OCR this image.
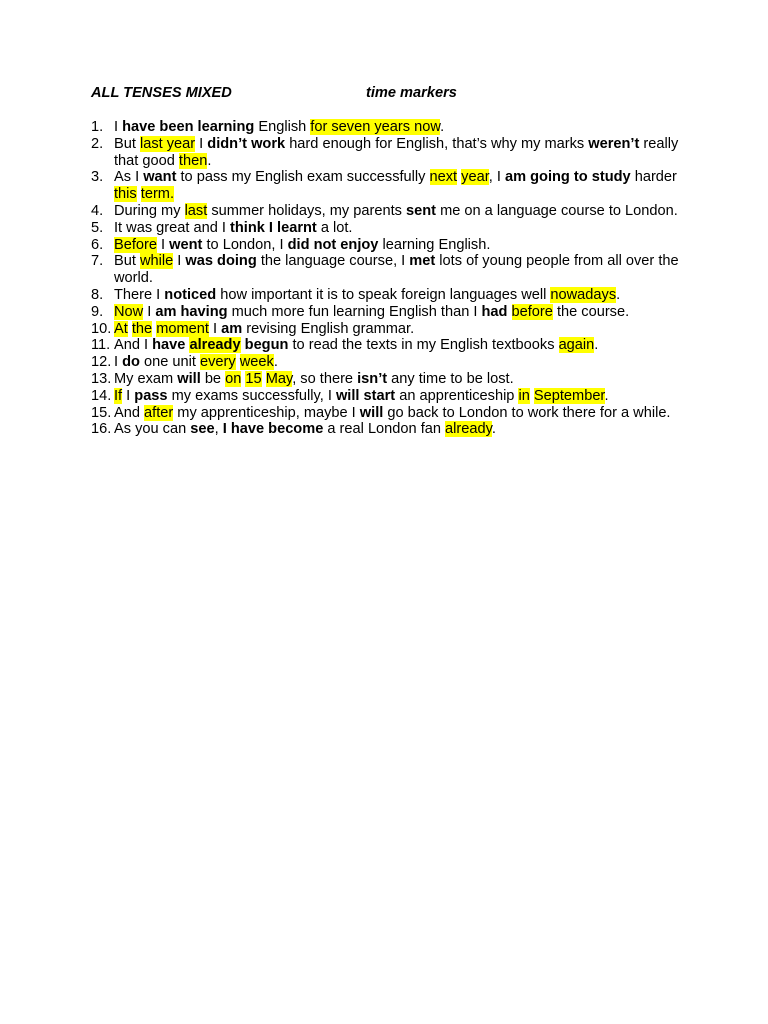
ALL TENSES MIXED	time markers
1. I have been learning English for seven years now.
2. But last year I didn’t work hard enough for English, that’s why my marks weren’t really that good then.
3. As I want to pass my English exam successfully next year, I am going to study harder this term.
4. During my last summer holidays, my parents sent me on a language course to London.
5. It was great and I think I learnt a lot.
6. Before I went to London, I did not enjoy learning English.
7. But while I was doing the language course, I met lots of young people from all over the world.
8. There I noticed how important it is to speak foreign languages well nowadays.
9. Now I am having much more fun learning English than I had before the course.
10. At the moment I am revising English grammar.
11. And I have already begun to read the texts in my English textbooks again.
12. I do one unit every week.
13. My exam will be on 15 May, so there isn’t any time to be lost.
14. If I pass my exams successfully, I will start an apprenticeship in September.
15. And after my apprenticeship, maybe I will go back to London to work there for a while.
16. As you can see, I have become a real London fan already.
